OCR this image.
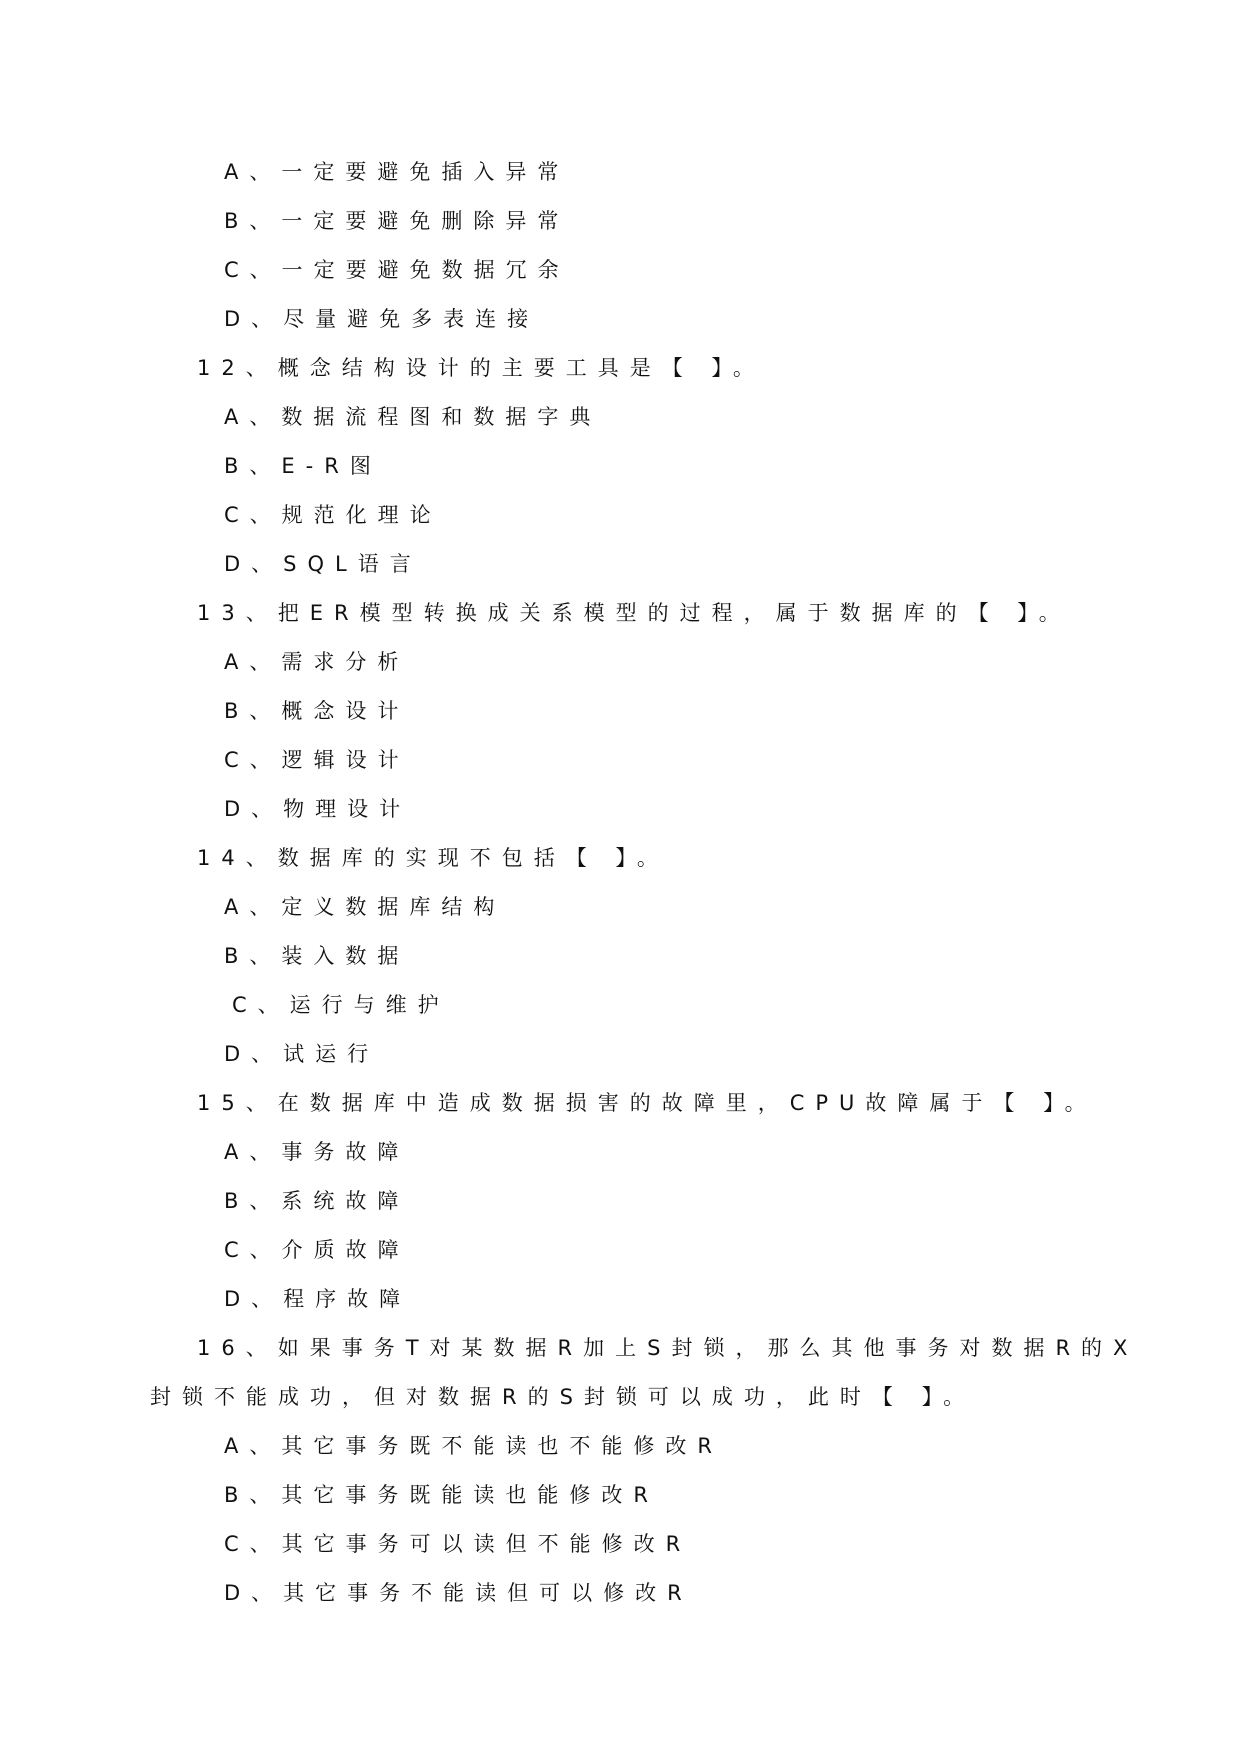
A、一定要避免插入异常
B、一定要避免删除异常
C、一定要避免数据冗余
D、尽量避免多表连接
12、概念结构设计的主要工具是【 】。
A、数据流程图和数据字典
B、E-R图
C、规范化理论
D、SQL语言
13、把ER模型转换成关系模型的过程，属于数据库的【 】。
A、需求分析
B、概念设计
C、逻辑设计
D、物理设计
14、数据库的实现不包括【 】。
A、定义数据库结构
B、装入数据
C、运行与维护
D、试运行
15、在数据库中造成数据损害的故障里，CPU故障属于【 】。
A、事务故障
B、系统故障
C、介质故障
D、程序故障
16、如果事务T对某数据R加上S封锁，那么其他事务对数据R的X
封锁不能成功，但对数据R的S封锁可以成功，此时【 】。
A、其它事务既不能读也不能修改R
B、其它事务既能读也能修改R
C、其它事务可以读但不能修改R
D、其它事务不能读但可以修改R
